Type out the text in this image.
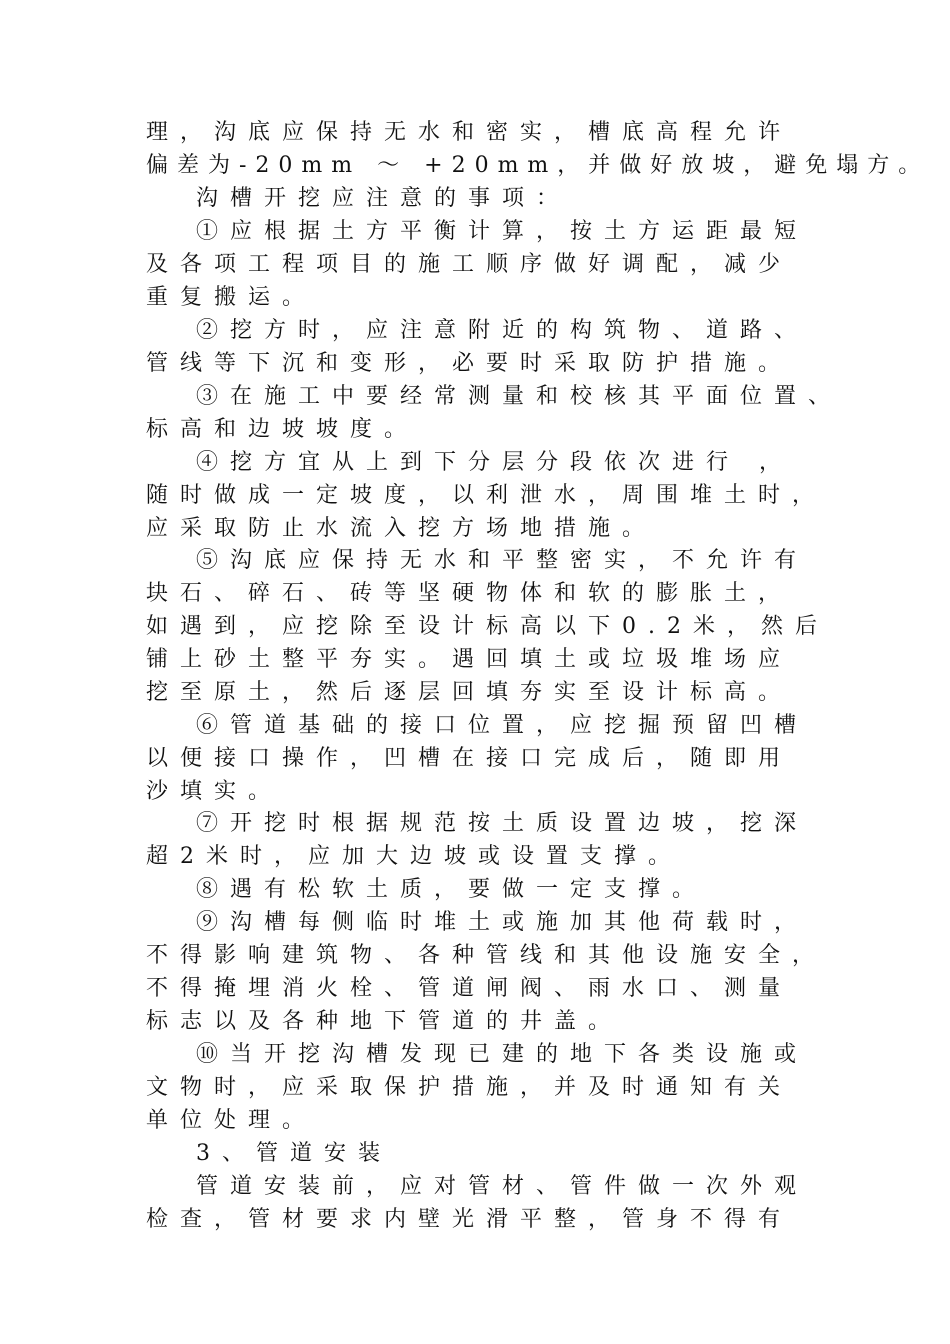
理，沟底应保持无水和密实，槽底高程允许
偏差为-20mm ～ +20mm，并做好放坡，避免塌方。
沟槽开挖应注意的事项：
①应根据土方平衡计算，按土方运距最短
及各项工程项目的施工顺序做好调配，减少
重复搬运。
②挖方时，应注意附近的构筑物、道路、
管线等下沉和变形，必要时采取防护措施。
③在施工中要经常测量和校核其平面位置、
标高和边坡坡度。
④挖方宜从上到下分层分段依次进行 ，
随时做成一定坡度，以利泄水，周围堆土时，
应采取防止水流入挖方场地措施。
⑤沟底应保持无水和平整密实，不允许有
块石、碎石、砖等坚硬物体和软的膨胀土，
如遇到，应挖除至设计标高以下0.2米，然后
铺上砂土整平夯实。遇回填土或垃圾堆场应
挖至原土，然后逐层回填夯实至设计标高。
⑥管道基础的接口位置，应挖掘预留凹槽
以便接口操作，凹槽在接口完成后，随即用
沙填实。
⑦开挖时根据规范按土质设置边坡，挖深
超2米时，应加大边坡或设置支撑。
⑧遇有松软土质，要做一定支撑。
⑨沟槽每侧临时堆土或施加其他荷载时，
不得影响建筑物、各种管线和其他设施安全，
不得掩埋消火栓、管道闸阀、雨水口、测量
标志以及各种地下管道的井盖。
⑩当开挖沟槽发现已建的地下各类设施或
文物时，应采取保护措施，并及时通知有关
单位处理。
3、管道安装
管道安装前，应对管材、管件做一次外观
检查，管材要求内壁光滑平整，管身不得有
